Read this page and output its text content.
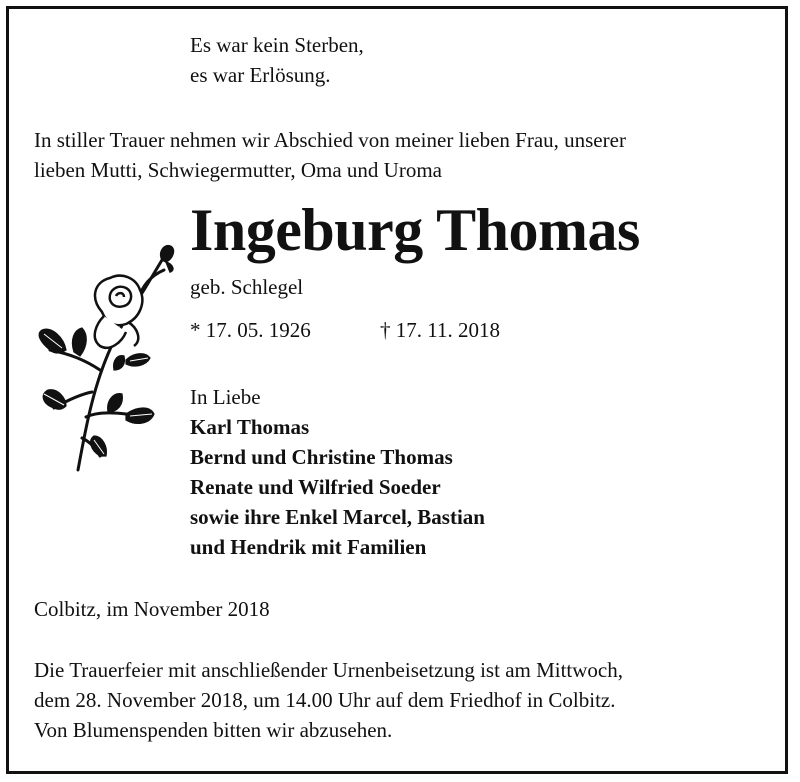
Es war kein Sterben,
es war Erlösung.
In stiller Trauer nehmen wir Abschied von meiner lieben Frau, unserer
lieben Mutti, Schwiegermutter, Oma und Uroma
Ingeburg Thomas
geb. Schlegel
* 17. 05. 1926	† 17. 11. 2018
In Liebe
Karl Thomas
Bernd und Christine Thomas
Renate und Wilfried Soeder
sowie ihre Enkel Marcel, Bastian
und Hendrik mit Familien
Colbitz, im November 2018
Die Trauerfeier mit anschließender Urnenbeisetzung ist am Mittwoch,
dem 28. November 2018, um 14.00 Uhr auf dem Friedhof in Colbitz.
Von Blumenspenden bitten wir abzusehen.
